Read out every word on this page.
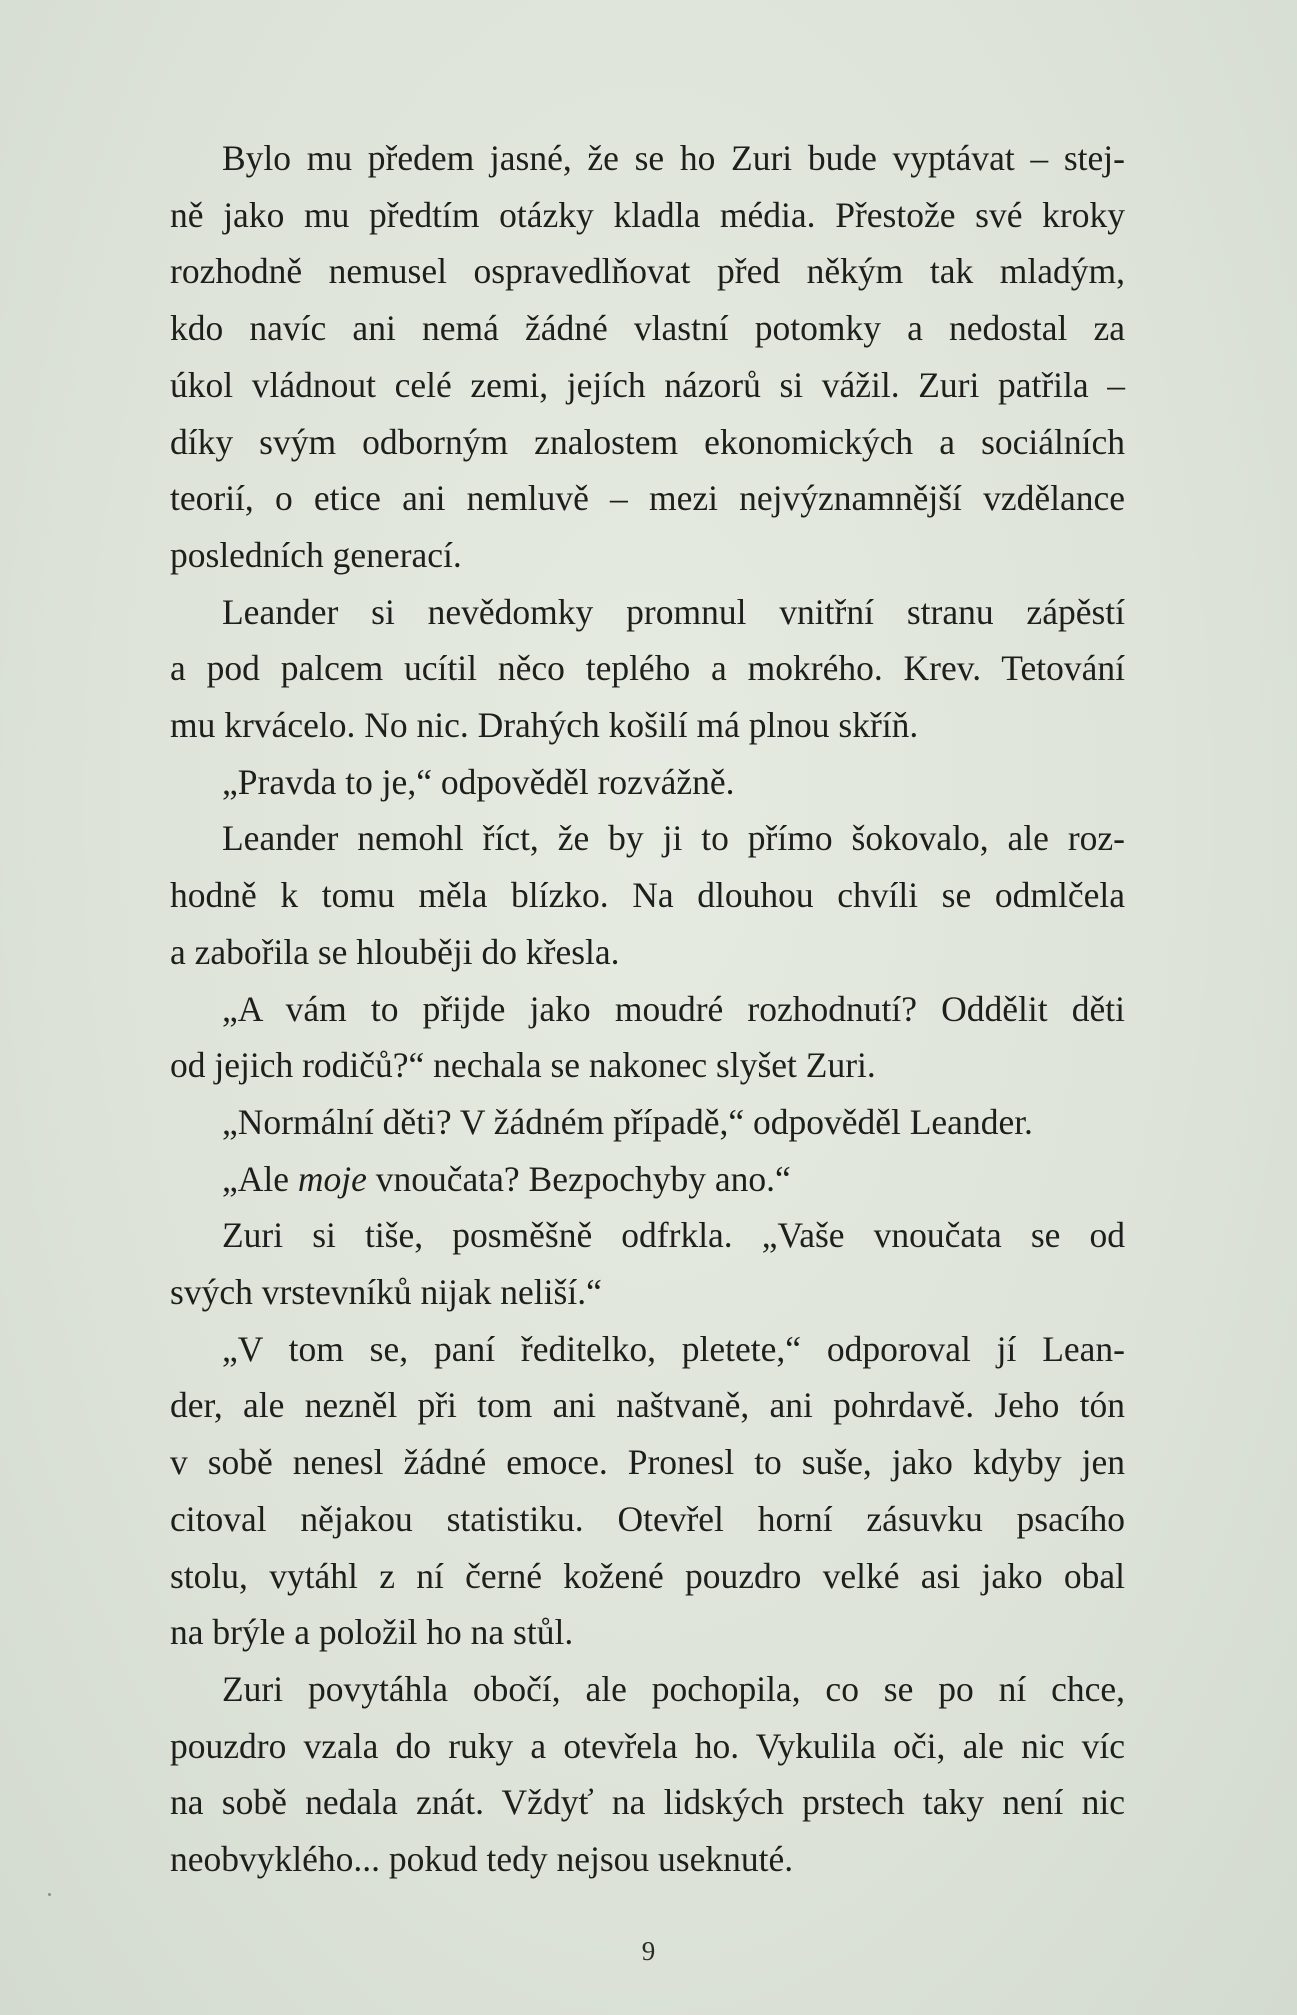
Bylo mu předem jasné, že se ho Zuri bude vyptávat – stej-
ně jako mu předtím otázky kladla média. Přestože své kroky
rozhodně nemusel ospravedlňovat před někým tak mladým,
kdo navíc ani nemá žádné vlastní potomky a nedostal za
úkol vládnout celé zemi, jejích názorů si vážil. Zuri patřila –
díky svým odborným znalostem ekonomických a sociálních
teorií, o etice ani nemluvě – mezi nejvýznamnější vzdělance
posledních generací.

Leander si nevědomky promnul vnitřní stranu zápěstí
a pod palcem ucítil něco teplého a mokrého. Krev. Tetování
mu krvácelo. No nic. Drahých košilí má plnou skříň.

„Pravda to je,“ odpověděl rozvážně.

Leander nemohl říct, že by ji to přímo šokovalo, ale roz-
hodně k tomu měla blízko. Na dlouhou chvíli se odmlčela
a zabořila se hlouběji do křesla.

„A vám to přijde jako moudré rozhodnutí? Oddělit děti
od jejich rodičů?“ nechala se nakonec slyšet Zuri.

„Normální děti? V žádném případě,“ odpověděl Leander.

„Ale moje vnoučata? Bezpochyby ano.“

Zuri si tiše, posměšně odfrkla. „Vaše vnoučata se od
svých vrstevníků nijak neliší.“

„V tom se, paní ředitelko, pletete,“ odporoval jí Lean-
der, ale nezněl při tom ani naštvaně, ani pohrdavě. Jeho tón
v sobě nenesl žádné emoce. Pronesl to suše, jako kdyby jen
citoval nějakou statistiku. Otevřel horní zásuvku psacího
stolu, vytáhl z ní černé kožené pouzdro velké asi jako obal
na brýle a položil ho na stůl.

Zuri povytáhla obočí, ale pochopila, co se po ní chce,
pouzdro vzala do ruky a otevřela ho. Vykulila oči, ale nic víc
na sobě nedala znát. Vždyť na lidských prstech taky není nic
neobvyklého... pokud tedy nejsou useknuté.

9
